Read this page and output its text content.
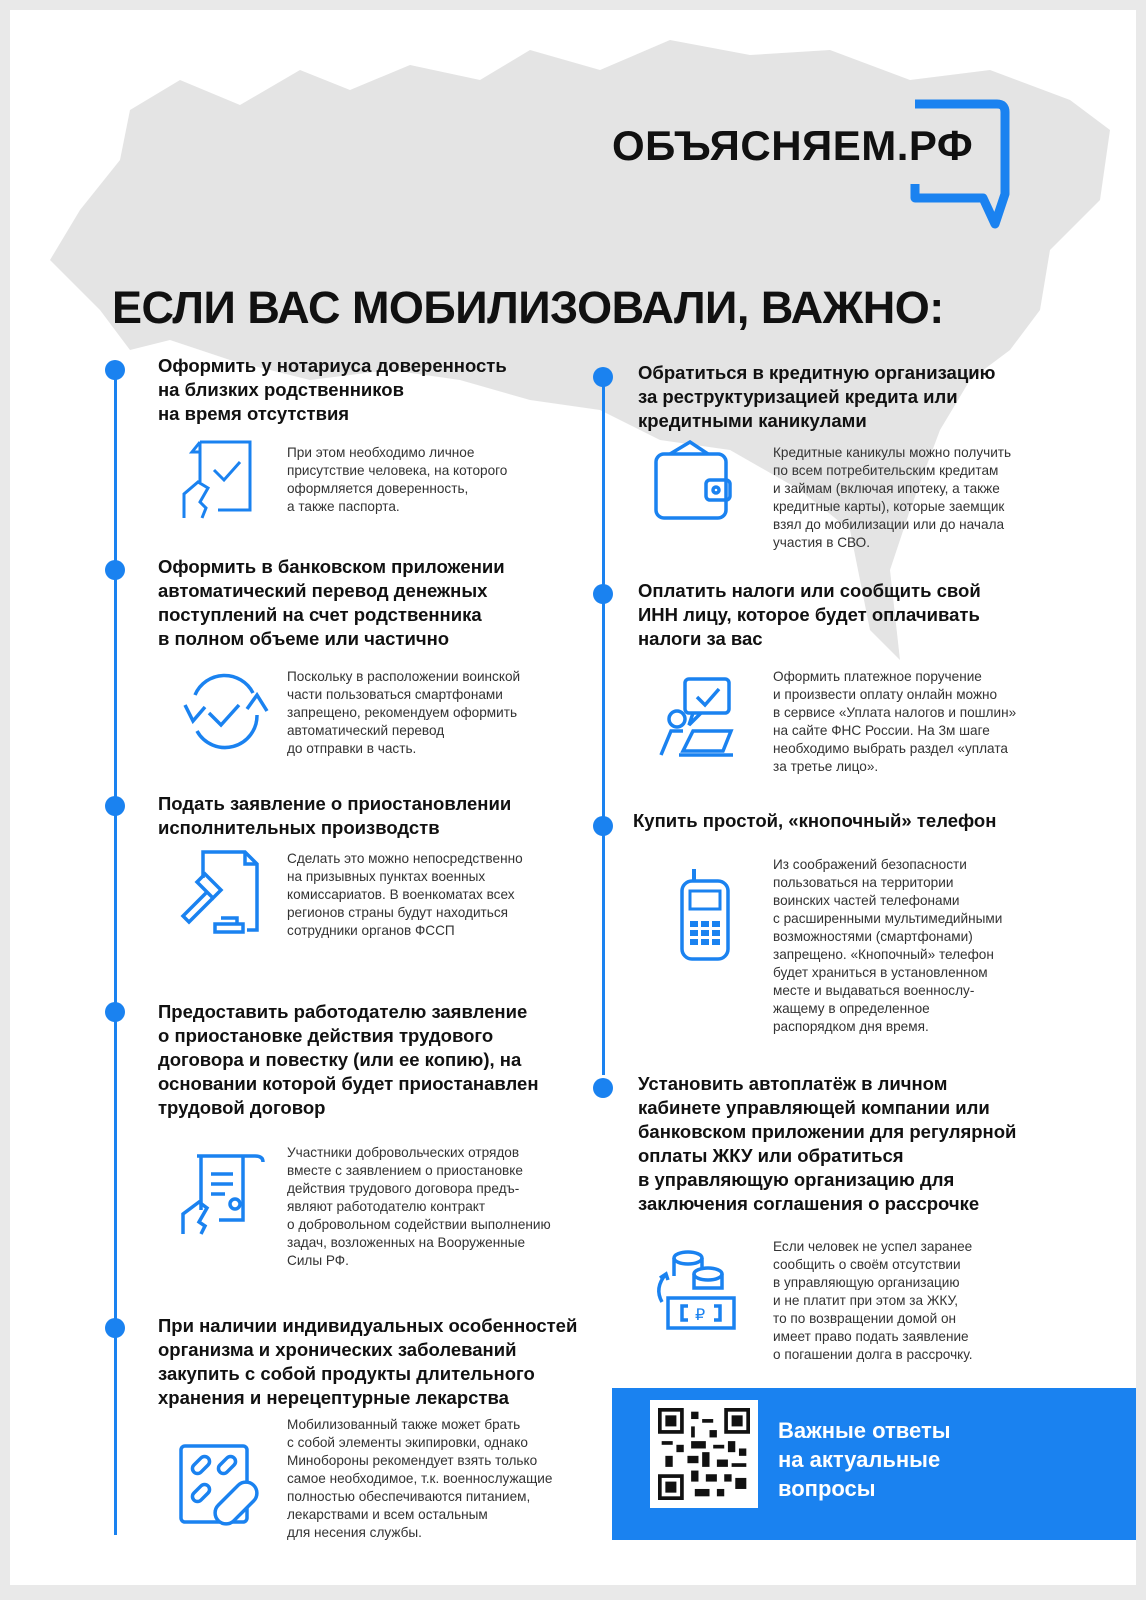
ОБЪЯСНЯЕМ.РФ
ЕСЛИ ВАС МОБИЛИЗОВАЛИ, ВАЖНО:
Оформить у нотариуса доверенность
на близких родственников
на время отсутствия
При этом необходимо личное
присутствие человека, на которого
оформляется доверенность,
а также паспорта.
Оформить в банковском приложении
автоматический перевод денежных
поступлений на счет родственника
в полном объеме или частично
Поскольку в расположении воинской
части пользоваться смартфонами
запрещено, рекомендуем оформить
автоматический перевод
до отправки в часть.
Подать заявление о приостановлении
исполнительных производств
Сделать это можно непосредственно
на призывных пунктах военных
комиссариатов. В военкоматах всех
регионов страны будут находиться
сотрудники органов ФССП
Предоставить работодателю заявление
о приостановке действия трудового
договора и повестку (или ее копию), на
основании которой будет приостанавлен
трудовой договор
Участники добровольческих отрядов
вместе с заявлением о приостановке
действия трудового договора предъ-
являют работодателю контракт
о добровольном содействии выполнению
задач, возложенных на Вооруженные
Силы РФ.
При наличии индивидуальных особенностей
организма и хронических заболеваний
закупить с собой продукты длительного
хранения и нерецептурные лекарства
Мобилизованный также может брать
с собой элементы экипировки, однако
Минобороны рекомендует взять только
самое необходимое, т.к. военнослужащие
полностью обеспечиваются питанием,
лекарствами и всем остальным
для несения службы.
Обратиться в кредитную организацию
за реструктуризацией кредита или
кредитными каникулами
Кредитные каникулы можно получить
по всем потребительским кредитам
и займам (включая ипотеку, а также
кредитные карты), которые заемщик
взял до мобилизации или до начала
участия в СВО.
Оплатить налоги или сообщить свой
ИНН лицу, которое будет оплачивать
налоги за вас
Оформить платежное поручение
и произвести оплату онлайн можно
в сервисе «Уплата налогов и пошлин»
на сайте ФНС России. На 3м шаге
необходимо выбрать раздел «уплата
за третье лицо».
Купить простой, «кнопочный» телефон
Из соображений безопасности
пользоваться на территории
воинских частей телефонами
с расширенными мультимедийными
возможностями (смартфонами)
запрещено. «Кнопочный» телефон
будет храниться в установленном
месте и выдаваться военнослу-
жащему в определенное
распорядком дня время.
Установить автоплатёж в личном
кабинете управляющей компании или
банковском приложении для регулярной
оплаты ЖКУ или обратиться
в управляющую организацию для
заключения соглашения о рассрочке
₽
Если человек не успел заранее
сообщить о своём отсутствии
в управляющую организацию
и не платит при этом за ЖКУ,
то по возвращении домой он
имеет право подать заявление
о погашении долга в рассрочку.
Важные ответы
на актуальные
вопросы
